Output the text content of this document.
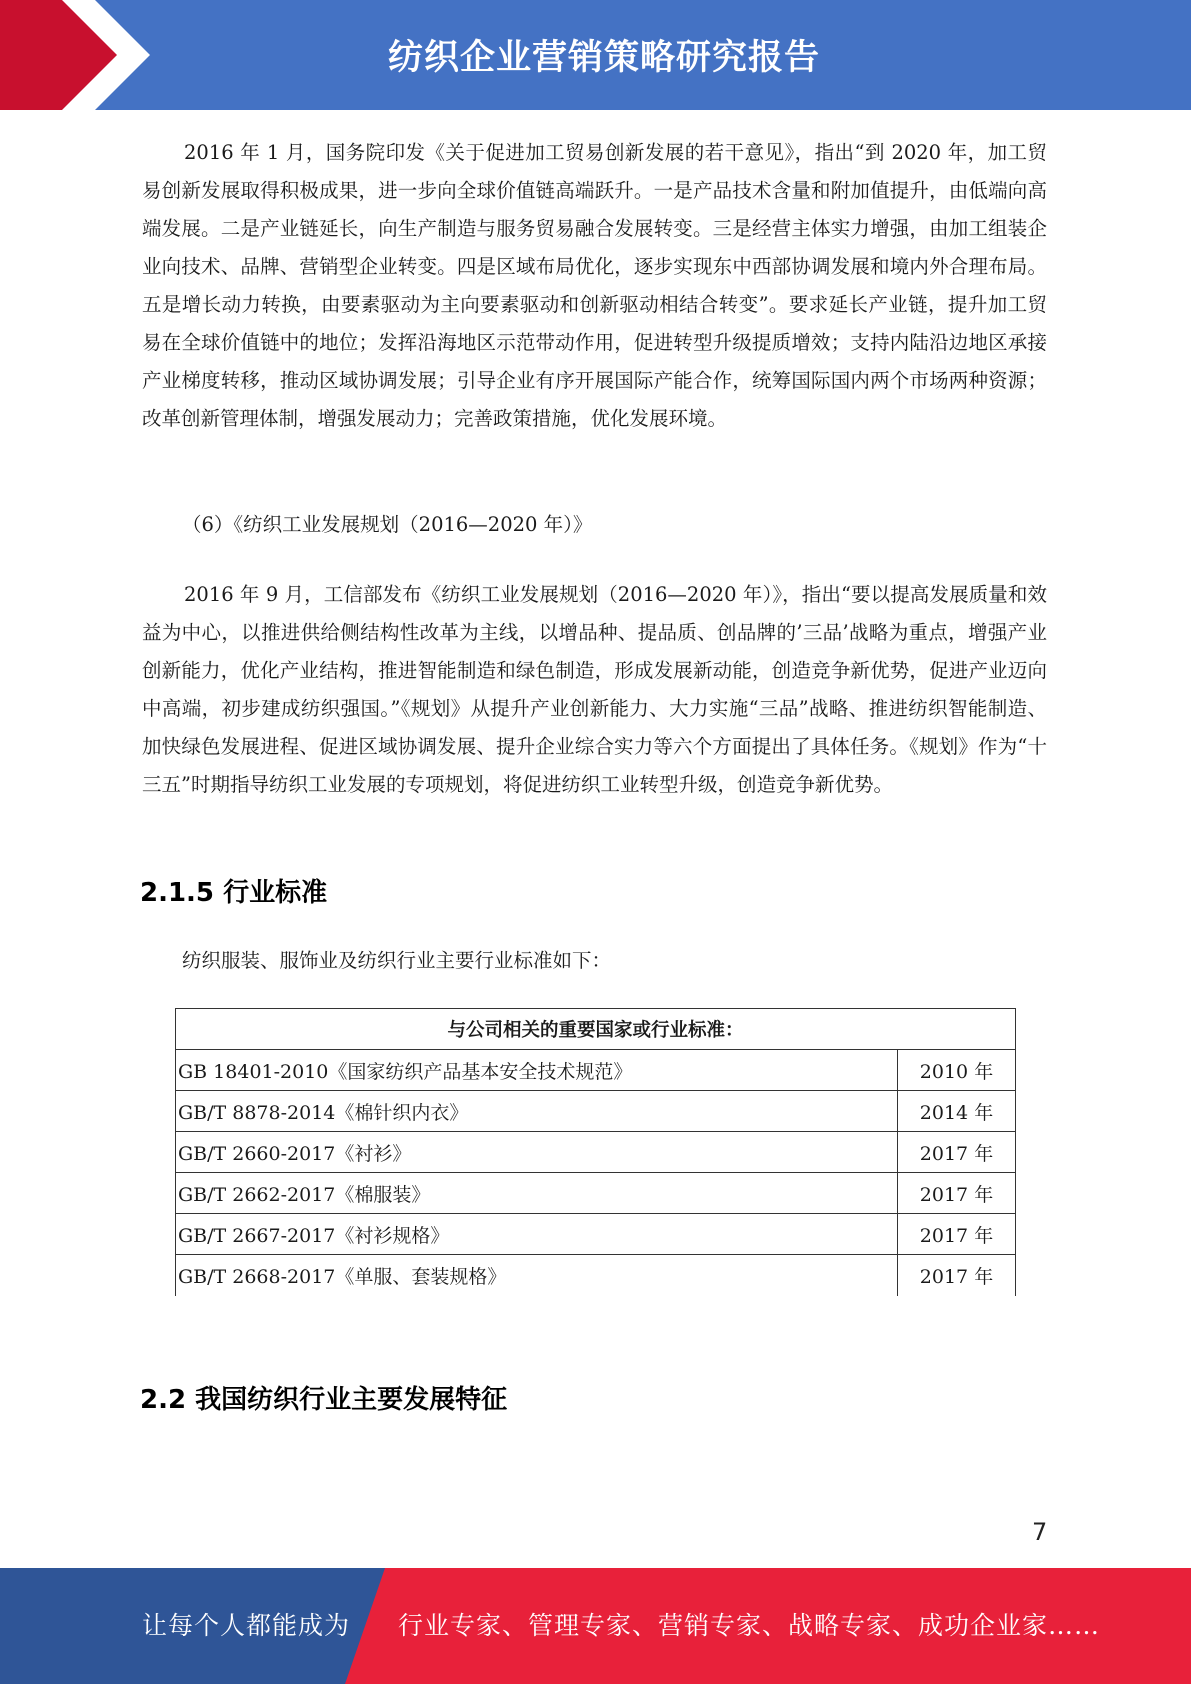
纺织企业营销策略研究报告

2016 年 1 月，国务院印发《关于促进加工贸易创新发展的若干意见》，指出“到 2020 年，加工贸易创新发展取得积极成果，进一步向全球价值链高端跃升。一是产品技术含量和附加值提升，由低端向高端发展。二是产业链延长，向生产制造与服务贸易融合发展转变。三是经营主体实力增强，由加工组装企业向技术、品牌、营销型企业转变。四是区域布局优化，逐步实现东中西部协调发展和境内外合理布局。五是增长动力转换，由要素驱动为主向要素驱动和创新驱动相结合转变”。要求延长产业链，提升加工贸易在全球价值链中的地位；发挥沿海地区示范带动作用，促进转型升级提质增效；支持内陆沿边地区承接产业梯度转移，推动区域协调发展；引导企业有序开展国际产能合作，统筹国际国内两个市场两种资源；改革创新管理体制，增强发展动力；完善政策措施，优化发展环境。

（6）《纺织工业发展规划（2016—2020 年）》

2016 年 9 月，工信部发布《纺织工业发展规划（2016—2020 年）》，指出“要以提高发展质量和效益为中心，以推进供给侧结构性改革为主线，以增品种、提品质、创品牌的’三品’战略为重点，增强产业创新能力，优化产业结构，推进智能制造和绿色制造，形成发展新动能，创造竞争新优势，促进产业迈向中高端，初步建成纺织强国。”《规划》从提升产业创新能力、大力实施“三品”战略、推进纺织智能制造、加快绿色发展进程、促进区域协调发展、提升企业综合实力等六个方面提出了具体任务。《规划》作为“十三五”时期指导纺织工业发展的专项规划，将促进纺织工业转型升级，创造竞争新优势。

2.1.5 行业标准
纺织服装、服饰业及纺织行业主要行业标准如下：
与公司相关的重要国家或行业标准：	
GB 18401-2010《国家纺织产品基本安全技术规范》	2010 年
GB/T 8878-2014《棉针织内衣》	2014 年
GB/T 2660-2017《衬衫》	2017 年
GB/T 2662-2017《棉服装》	2017 年
GB/T 2667-2017《衬衫规格》	2017 年
GB/T 2668-2017《单服、套装规格》	2017 年
2.2 我国纺织行业主要发展特征
7
让每个人都能成为 行业专家、管理专家、营销专家、战略专家、成功企业家……
